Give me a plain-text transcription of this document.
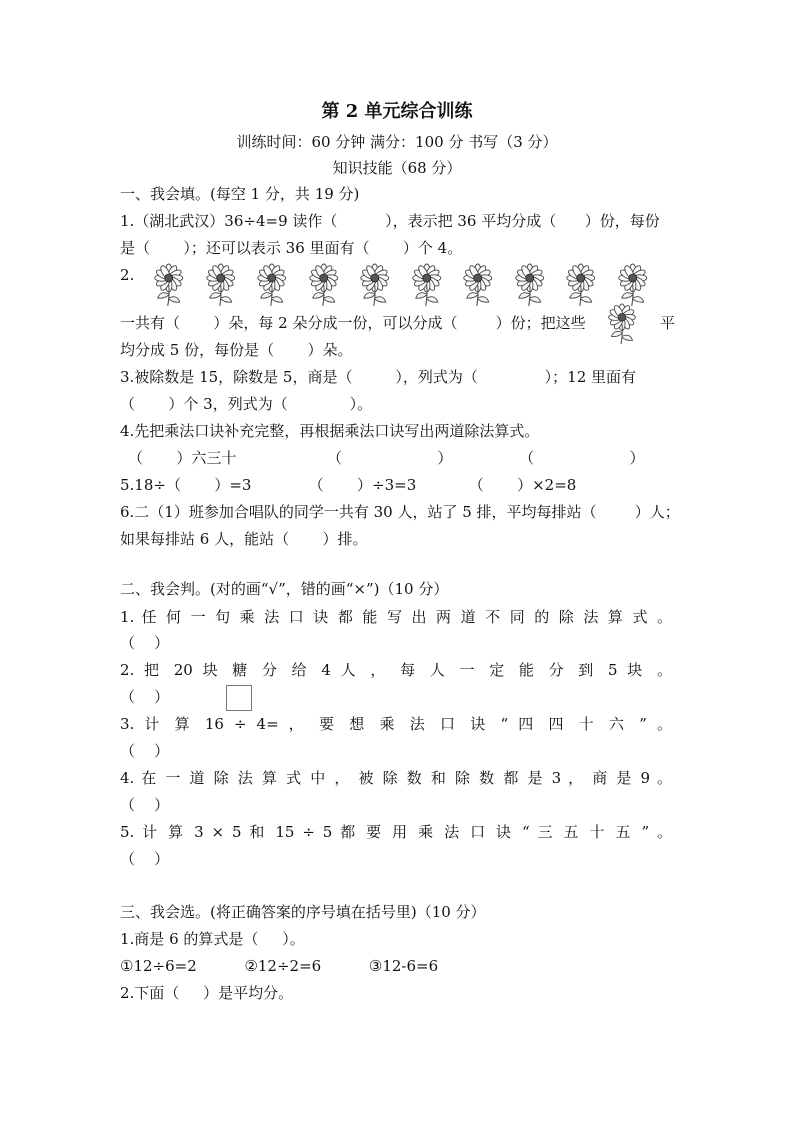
第 2 单元综合训练
训练时间：60 分钟 满分：100 分 书写（3 分）
知识技能（68 分）
一、我会填。(每空 1 分，共 19 分)
1.（湖北武汉）36÷4=9 读作（          ），表示把 36 平均分成（      ）份，每份
是（       ）；还可以表示 36 里面有（       ）个 4。
2.
一共有（       ）朵，每 2 朵分成一份，可以分成（        ）份；把这些	平
均分成 5 份，每份是（       ）朵。
3.被除数是 15，除数是 5，商是（         ），列式为（              ）；12 里面有
（       ）个 3，列式为（             ）。
4.先把乘法口诀补充完整，再根据乘法口诀写出两道除法算式。
（       ）六三十                   （                    ）              （                    ）
5.18÷（       ）=3            （       ）÷3=3           （       ）×2=8
6.二（1）班参加合唱队的同学一共有 30 人，站了 5 排，平均每排站（        ）人；
如果每排站 6 人，能站（       ）排。
二、我会判。(对的画“√”，错的画“×”)（10 分）
1. 任 何 一 句 乘 法 口 诀 都 能 写 出 两 道 不 同 的 除 法 算 式 。
（    ）
2. 把 20 块 糖 分 给 4 人 ， 每 人 一 定 能 分 到 5 块 。
（    ）
3. 计 算 16 ÷ 4= ， 要 想 乘 法 口 诀 “ 四 四 十 六 ” 。
（    ）
4. 在 一 道 除 法 算 式 中 ， 被 除 数 和 除 数 都 是 3 ， 商 是 9 。
（    ）
5. 计 算 3 × 5 和 15 ÷ 5 都 要 用 乘 法 口 诀 “ 三 五 十 五 ” 。
（    ）
三、我会选。(将正确答案的序号填在括号里)（10 分）
1.商是 6 的算式是（     ）。
①12÷6=2          ②12÷2=6          ③12-6=6
2.下面（     ）是平均分。
